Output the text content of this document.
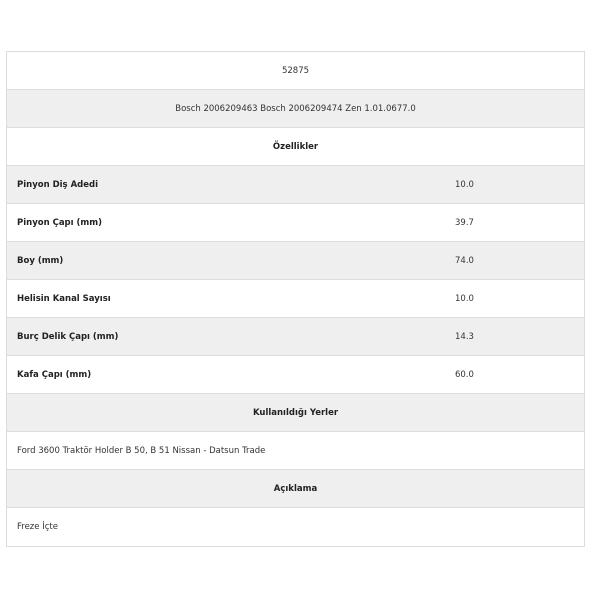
52875
Bosch 2006209463 Bosch 2006209474 Zen 1.01.0677.0
Özellikler
Pinyon Diş Adedi	10.0
Pinyon Çapı (mm)	39.7
Boy (mm)	74.0
Helisin Kanal Sayısı	10.0
Burç Delik Çapı (mm)	14.3
Kafa Çapı (mm)	60.0
Kullanıldığı Yerler
Ford 3600 Traktör Holder B 50, B 51 Nissan - Datsun Trade
Açıklama
Freze İçte
